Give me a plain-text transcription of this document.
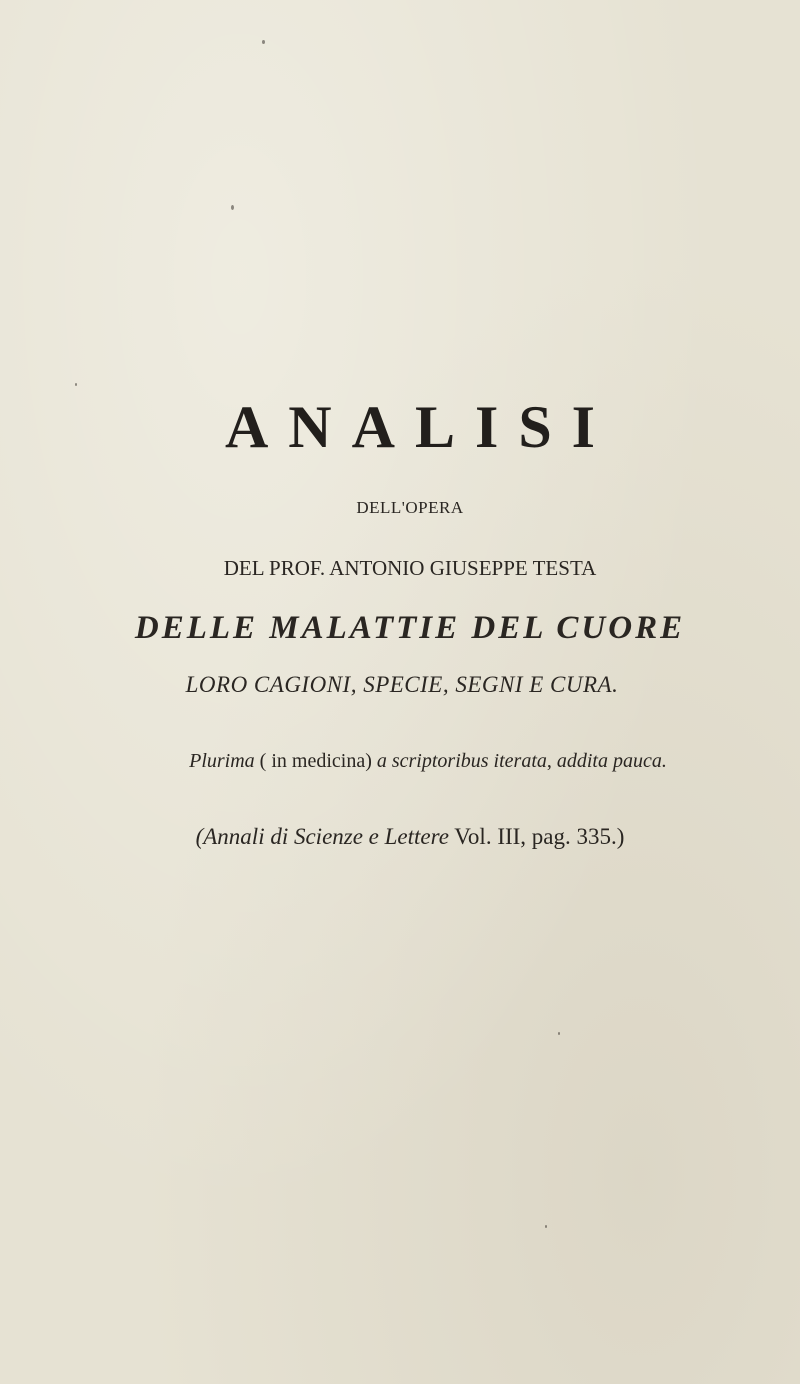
ANALISI
DELL'OPERA
DEL PROF. ANTONIO GIUSEPPE TESTA
DELLE MALATTIE DEL CUORE
LORO CAGIONI, SPECIE, SEGNI E CURA.
Plurima ( in medicina) a scriptoribus iterata, addita pauca.
(Annali di Scienze e Lettere Vol. III, pag. 335.)
